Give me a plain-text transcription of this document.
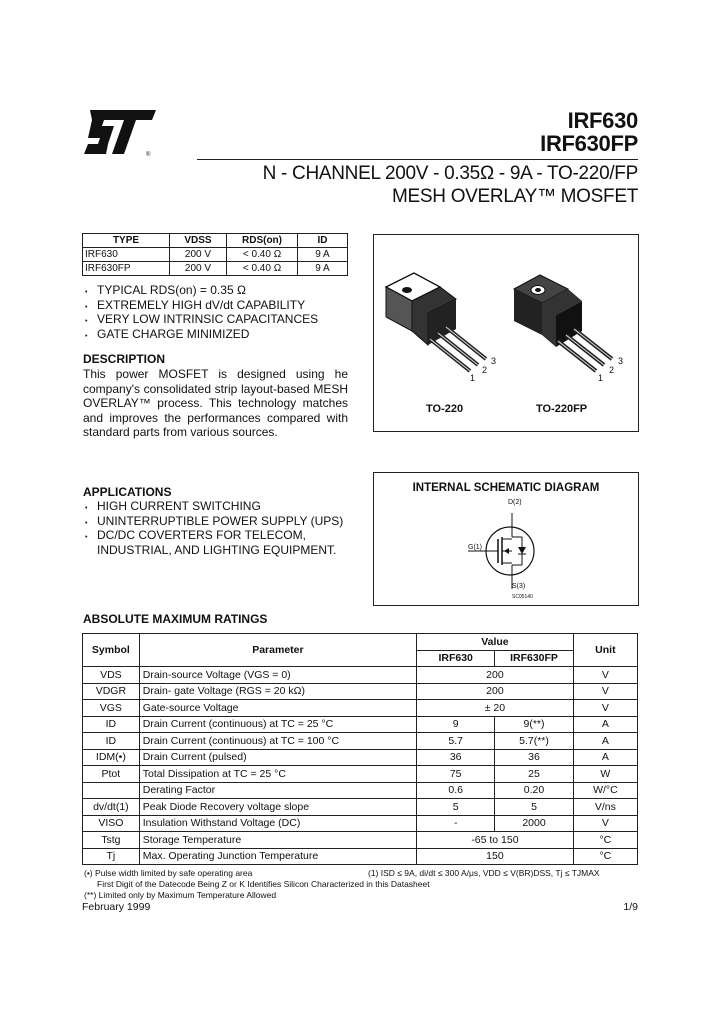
®
IRF630
IRF630FP
N - CHANNEL 200V - 0.35Ω - 9A - TO-220/FP
MESH OVERLAY™ MOSFET
TYPE	VDSS	RDS(on)	ID
IRF630	200 V	< 0.40 Ω	9 A
IRF630FP	200 V	< 0.40 Ω	9 A
• TYPICAL RDS(on) = 0.35 Ω
• EXTREMELY HIGH dV/dt CAPABILITY
• VERY LOW INTRINSIC CAPACITANCES
• GATE CHARGE MINIMIZED
DESCRIPTION
This power MOSFET is designed using he company's consolidated strip layout-based MESH OVERLAY™ process. This technology matches and improves the performances compared with standard parts from various sources.
1
2
3
1
2
3
TO-220	TO-220FP
APPLICATIONS
• HIGH CURRENT SWITCHING
• UNINTERRUPTIBLE POWER SUPPLY (UPS)
• DC/DC COVERTERS FOR TELECOM, INDUSTRIAL, AND LIGHTING EQUIPMENT.
INTERNAL SCHEMATIC DIAGRAM
D(2)
G(1)
S(3)
SC05140
ABSOLUTE MAXIMUM RATINGS
Symbol	Parameter	Value		Unit
		IRF630	IRF630FP	
VDS	Drain-source Voltage (VGS = 0)	200		V
VDGR	Drain- gate Voltage (RGS = 20 kΩ)	200		V
VGS	Gate-source Voltage	± 20		V
ID	Drain Current (continuous) at TC = 25 °C	9	9(**)	A
ID	Drain Current (continuous) at TC = 100 °C	5.7	5.7(**)	A
IDM(•)	Drain Current (pulsed)	36	36	A
Ptot	Total Dissipation at TC = 25 °C	75	25	W
	Derating Factor	0.6	0.20	W/°C
dv/dt(1)	Peak Diode Recovery voltage slope	5	5	V/ns
VISO	Insulation Withstand Voltage (DC)	-	2000	V
Tstg	Storage Temperature	-65 to 150		°C
Tj	Max. Operating Junction Temperature	150		°C
(•) Pulse width limited by safe operating area	(1) ISD ≤ 9A, di/dt ≤ 300 A/μs, VDD ≤ V(BR)DSS, Tj ≤ TJMAX
First Digit of the Datecode Being Z or K Identifies Silicon Characterized in this Datasheet
(**) Limited only by Maximum Temperature Allowed
February 1999	1/9
